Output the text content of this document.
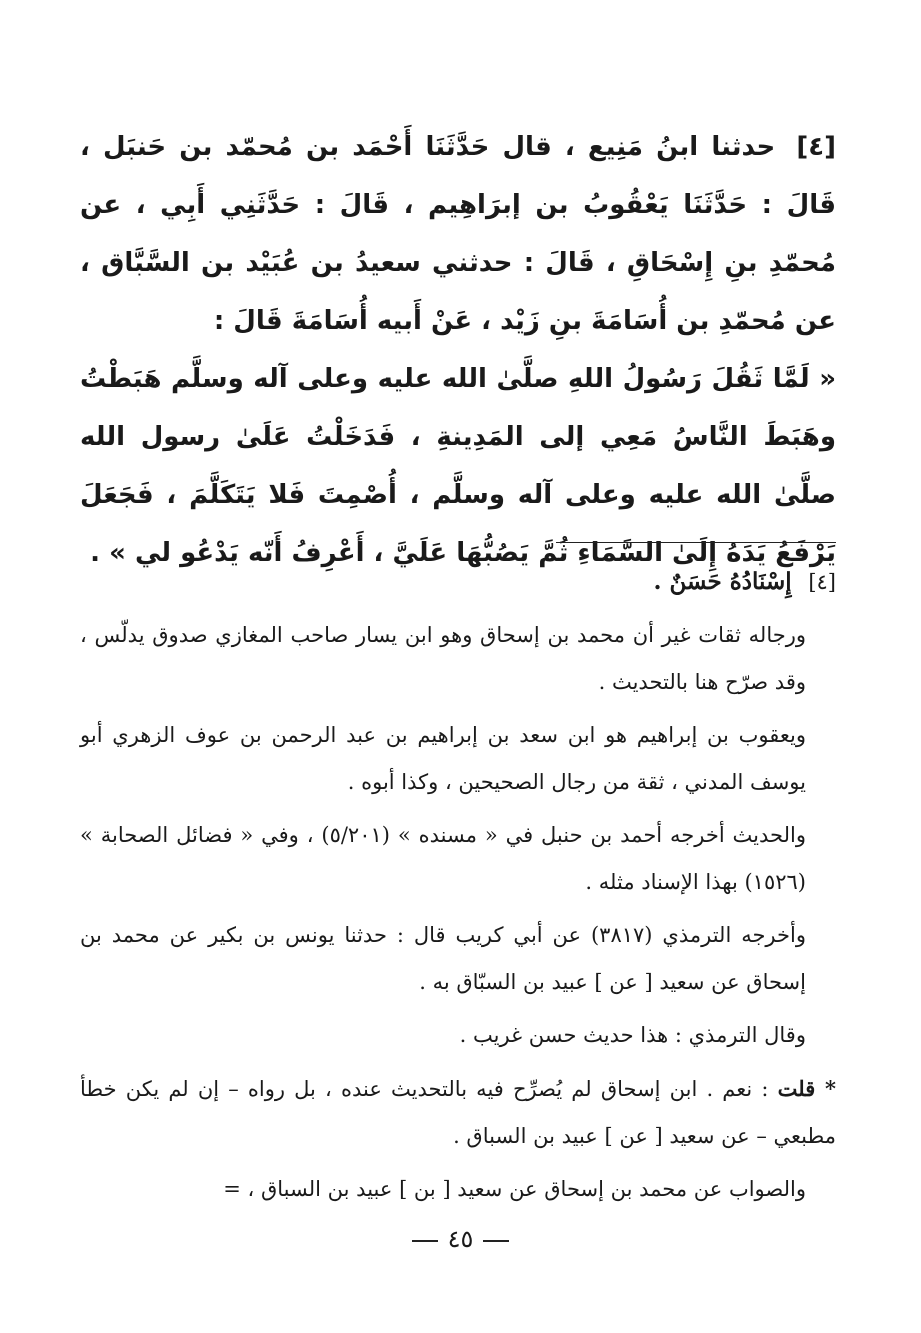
[٤] حدثنا ابنُ مَنِيع ، قال حَدَّثَنَا أَحْمَد بن مُحمّد بن حَنبَل ، قَالَ : حَدَّثَنَا يَعْقُوبُ بن إبرَاهِيم ، قَالَ : حَدَّثَنِي أَبِي ، عن مُحمّدِ بنِ إِسْحَاقِ ، قَالَ : حدثني سعيدُ بن عُبَيْد بن السَّبَّاق ، عن مُحمّدِ بن أُسَامَةَ بنِ زَيْد ، عَنْ أَبيه أُسَامَةَ قَالَ :

« لَمَّا ثَقُلَ رَسُولُ اللهِ صلَّىٰ الله عليه وعلى آله وسلَّم هَبَطْتُ وهَبَطَ النَّاسُ مَعِي إلى المَدِينةِ ، فَدَخَلْتُ عَلَىٰ رسول الله صلَّىٰ الله عليه وعلى آله وسلَّم ، أُصْمِتَ فَلا يَتَكَلَّمَ ، فَجَعَلَ يَرْفَعُ يَدَهُ إِلَىٰ السَّمَاءِ ثُمَّ يَصُبُّهَا عَلَيَّ ، أَعْرِفُ أَنّه يَدْعُو لي » .

[٤] إِسْنَادُهُ حَسَنٌ .

ورجاله ثقات غير أن محمد بن إسحاق وهو ابن يسار صاحب المغازي صدوق يدلّس ، وقد صرّح هنا بالتحديث .

ويعقوب بن إبراهيم هو ابن سعد بن إبراهيم بن عبد الرحمن بن عوف الزهري أبو يوسف المدني ، ثقة من رجال الصحيحين ، وكذا أبوه .

والحديث أخرجه أحمد بن حنبل في « مسنده » (٥/٢٠١) ، وفي « فضائل الصحابة » (١٥٢٦) بهذا الإسناد مثله .

وأخرجه الترمذي (٣٨١٧) عن أبي كريب قال : حدثنا يونس بن بكير عن محمد بن إسحاق عن سعيد [ عن ] عبيد بن السبّاق به .

وقال الترمذي : هذا حديث حسن غريب .

* قلت : نعم . ابن إسحاق لم يُصرِّح فيه بالتحديث عنده ، بل رواه – إن لم يكن خطأ مطبعي – عن سعيد [ عن ] عبيد بن السباق .

والصواب عن محمد بن إسحاق عن سعيد [ بن ] عبيد بن السباق ، =

٤٥
